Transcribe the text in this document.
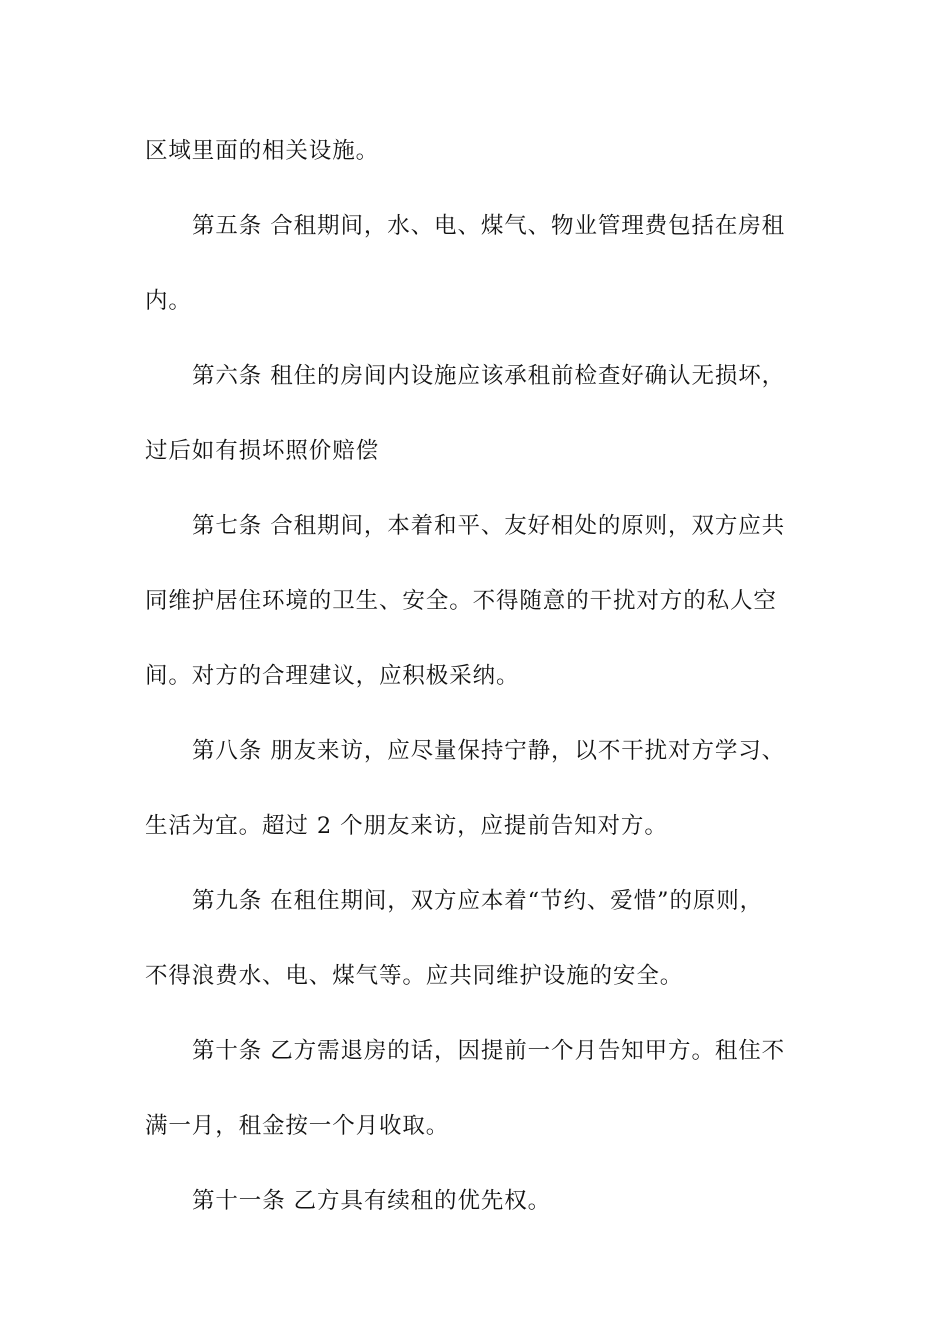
区域里面的相关设施。
第五条 合租期间，水、电、煤气、物业管理费包括在房租
内。
第六条 租住的房间内设施应该承租前检查好确认无损坏，
过后如有损坏照价赔偿
第七条 合租期间，本着和平、友好相处的原则，双方应共
同维护居住环境的卫生、安全。不得随意的干扰对方的私人空
间。对方的合理建议，应积极采纳。
第八条 朋友来访，应尽量保持宁静，以不干扰对方学习、
生活为宜。超过 2 个朋友来访，应提前告知对方。
第九条 在租住期间，双方应本着“节约、爱惜”的原则，
不得浪费水、电、煤气等。应共同维护设施的安全。
第十条 乙方需退房的话，因提前一个月告知甲方。租住不
满一月，租金按一个月收取。
第十一条 乙方具有续租的优先权。
